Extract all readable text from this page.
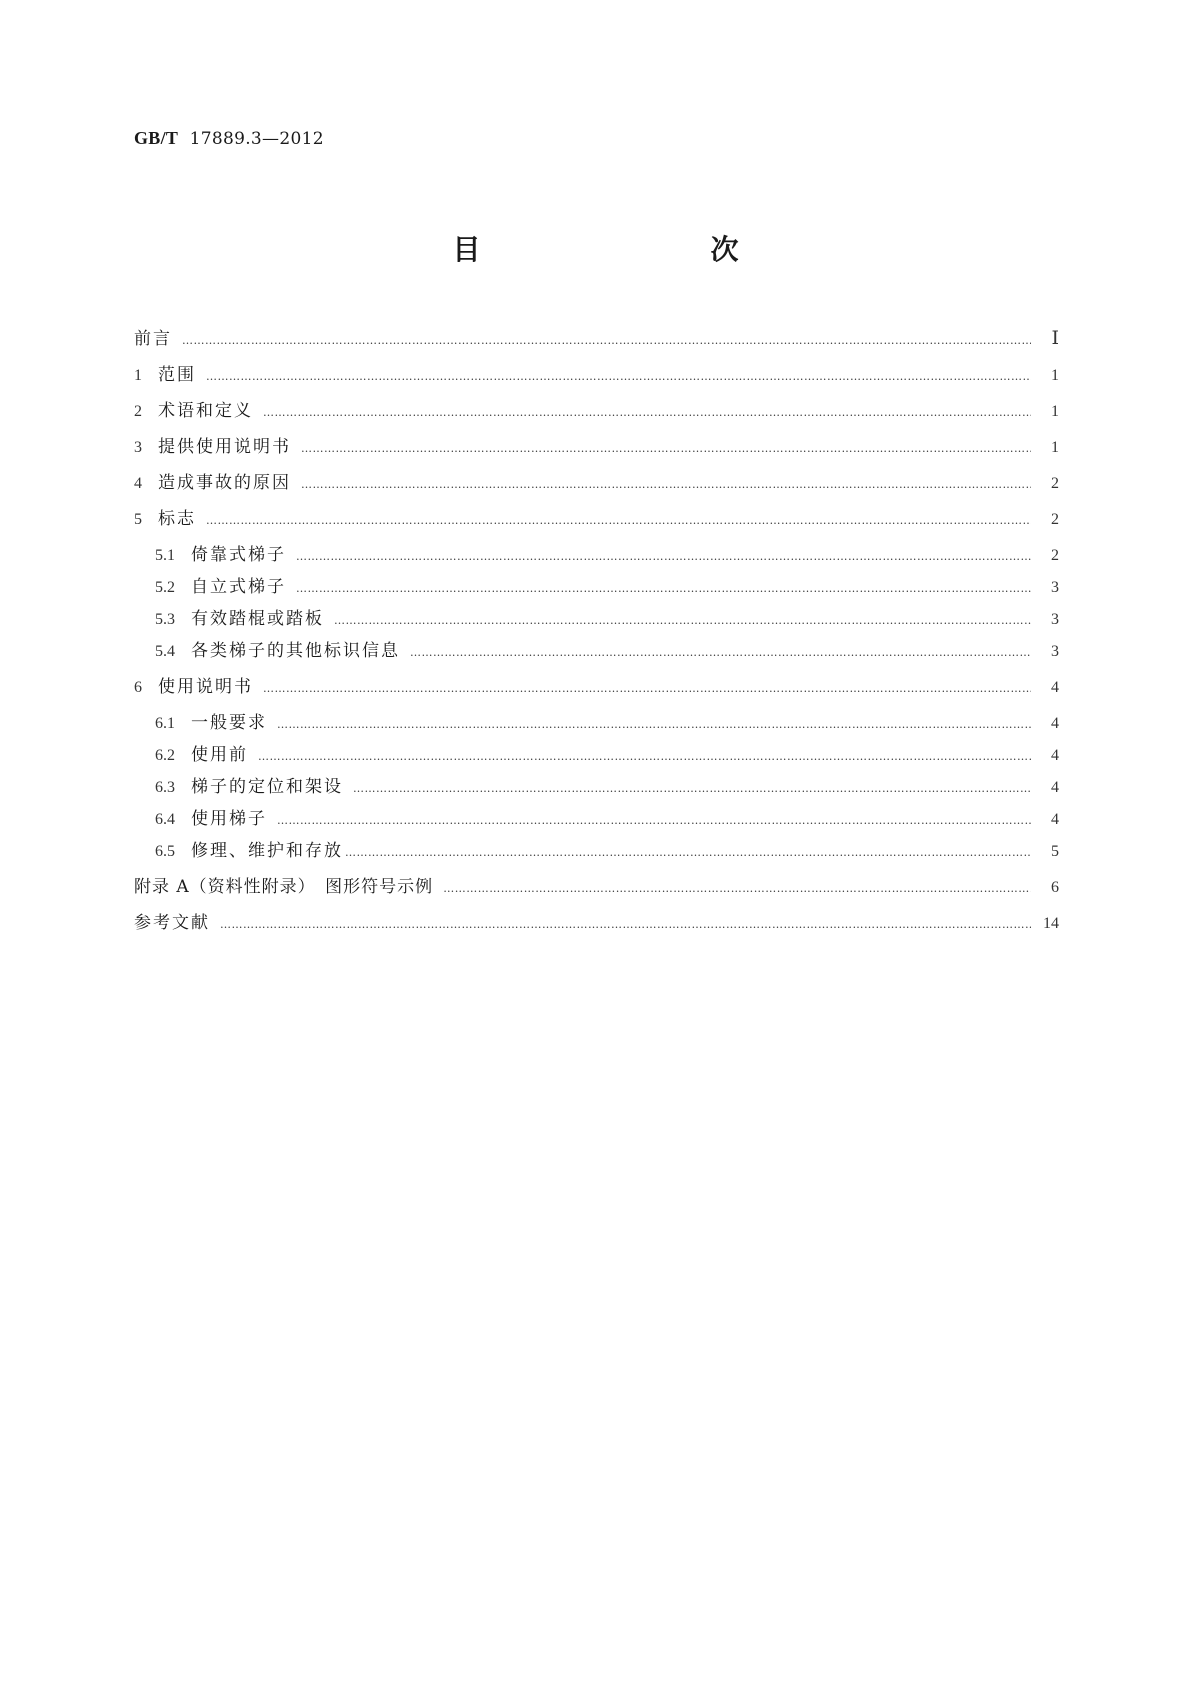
GB/T 17889.3—2012
目　　次
前言 …………………………………………………………………………………………………………………………………………………………………………………………………………………………………………………………	Ⅰ
1 范围 …………………………………………………………………………………………………………………………………………………………………………………………………………………………………………………………	1
2 术语和定义 …………………………………………………………………………………………………………………………………………………………………………………………………………………………………………………………	1
3 提供使用说明书 …………………………………………………………………………………………………………………………………………………………………………………………………………………………………………………………	1
4 造成事故的原因 …………………………………………………………………………………………………………………………………………………………………………………………………………………………………………………………	2
5 标志 …………………………………………………………………………………………………………………………………………………………………………………………………………………………………………………………	2
5.1 倚靠式梯子 …………………………………………………………………………………………………………………………………………………………………………………………………………………………………………………………	2
5.2 自立式梯子 …………………………………………………………………………………………………………………………………………………………………………………………………………………………………………………………	3
5.3 有效踏棍或踏板 …………………………………………………………………………………………………………………………………………………………………………………………………………………………………………………………	3
5.4 各类梯子的其他标识信息 …………………………………………………………………………………………………………………………………………………………………………………………………………………………………………………………	3
6 使用说明书 …………………………………………………………………………………………………………………………………………………………………………………………………………………………………………………………	4
6.1 一般要求 …………………………………………………………………………………………………………………………………………………………………………………………………………………………………………………………	4
6.2 使用前 …………………………………………………………………………………………………………………………………………………………………………………………………………………………………………………………	4
6.3 梯子的定位和架设 …………………………………………………………………………………………………………………………………………………………………………………………………………………………………………………………	4
6.4 使用梯子 …………………………………………………………………………………………………………………………………………………………………………………………………………………………………………………………	4
6.5 修理、维护和存放 …………………………………………………………………………………………………………………………………………………………………………………………………………………………………………………………	5
附录 A（资料性附录）　图形符号示例 …………………………………………………………………………………………………………………………………………………………………………………………………………………………………………………………	6
参考文献 …………………………………………………………………………………………………………………………………………………………………………………………………………………………………………………………	14
